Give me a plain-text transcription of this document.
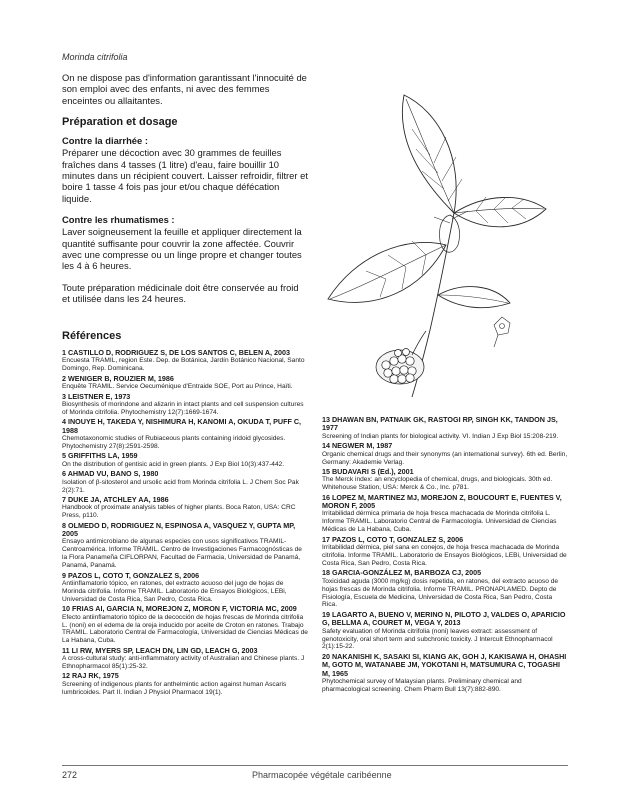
Morinda citrifolia

On ne dispose pas d'information garantissant l'innocuité de son emploi avec des enfants, ni avec des femmes enceintes ou allaitantes.

Préparation et dosage
Contre la diarrhée :

Préparer une décoction avec 30 grammes de feuilles fraîches dans 4 tasses (1 litre) d'eau, faire bouillir 10 minutes dans un récipient couvert. Laisser refroidir, filtrer et boire 1 tasse 4 fois pas jour et/ou chaque défécation liquide.

Contre les rhumatismes :

Laver soigneusement la feuille et appliquer directement la quantité suffisante pour couvrir la zone affectée. Couvrir avec une compresse ou un linge propre et changer toutes les 4 à 6 heures.

Toute préparation médicinale doit être conservée au froid et utilisée dans les 24 heures.

Références
1 CASTILLO D, RODRIGUEZ S, DE LOS SANTOS C, BELEN A, 2003
Encuesta TRAMIL, region Este. Dep. de Botánica, Jardín Botánico Nacional, Santo Domingo, Rep. Dominicana.
2 WENIGER B, ROUZIER M, 1986
Enquête TRAMIL. Service Oecuménique d'Entraide SOE, Port au Prince, Haïti.
3 LEISTNER E, 1973
Biosynthesis of morindone and alizarin in intact plants and cell suspension cultures of Morinda citrifolia. Phytochemistry 12(7):1669-1674.
4 INOUYE H, TAKEDA Y, NISHIMURA H, KANOMI A, OKUDA T, PUFF C, 1988
Chemotaxonomic studies of Rubiaceous plants containing iridoid glycosides. Phytochemistry 27(8):2591-2598.
5 GRIFFITHS LA, 1959
On the distribution of gentisic acid in green plants. J Exp Biol 10(3):437-442.
6 AHMAD VU, BANO S, 1980
Isolation of β-sitosterol and ursolic acid from Morinda citrifolia L. J Chem Soc Pak 2(2):71.
7 DUKE JA, ATCHLEY AA, 1986
Handbook of proximate analysis tables of higher plants. Boca Raton, USA: CRC Press, p110.
8 OLMEDO D, RODRIGUEZ N, ESPINOSA A, VASQUEZ Y, GUPTA MP, 2005
Ensayo antimicrobiano de algunas especies con usos significativos TRAMIL-Centroamérica. Informe TRAMIL. Centro de Investigaciones Farmacognósticas de la Flora Panameña CIFLORPAN, Facultad de Farmacia, Universidad de Panamá, Panamá, Panamá.
9 PAZOS L, COTO T, GONZALEZ S, 2006
Antiinflamatorio tópico, en ratones, del extracto acuoso del jugo de hojas de Morinda citrifolia. Informe TRAMIL. Laboratorio de Ensayos Biológicos, LEBi, Universidad de Costa Rica, San Pedro, Costa Rica.
10 FRIAS AI, GARCIA N, MOREJON Z, MORON F, VICTORIA MC, 2009
Efecto antiinflamatorio tópico de la decocción de hojas frescas de Morinda citrifolia L. (noni) en el edema de la oreja inducido por aceite de Croton en ratones. Trabajo TRAMIL. Laboratorio Central de Farmacología, Universidad de Ciencias Médicas de La Habana, Cuba.
11 LI RW, MYERS SP, LEACH DN, LIN GD, LEACH G, 2003
A cross-cultural study: anti-inflammatory activity of Australian and Chinese plants. J Ethnopharmacol 85(1):25-32.
12 RAJ RK, 1975
Screening of indigenous plants for anthelmintic action against human Ascaris lumbricoides. Part II. Indian J Physiol Pharmacol 19(1).
13 DHAWAN BN, PATNAIK GK, RASTOGI RP, SINGH KK, TANDON JS, 1977
Screening of Indian plants for biological activity. VI. Indian J Exp Biol 15:208-219.
14 NEGWER M, 1987
Organic chemical drugs and their synonyms (an international survey). 6th ed. Berlin, Germany: Akademie Verlag.
15 BUDAVARI S (Ed.), 2001
The Merck index: an encyclopedia of chemical, drugs, and biologicals. 30th ed. Whitehouse Station, USA: Merck & Co., Inc. p781.
16 LOPEZ M, MARTINEZ MJ, MOREJON Z, BOUCOURT E, FUENTES V, MORON F, 2005
Irritabilidad dérmica primaria de hoja fresca machacada de Morinda citrifolia L. Informe TRAMIL. Laboratorio Central de Farmacología. Universidad de Ciencias Médicas de La Habana, Cuba.
17 PAZOS L, COTO T, GONZALEZ S, 2006
Irritabilidad dérmica, piel sana en conejos, de hoja fresca machacada de Morinda citrifolia. Informe TRAMIL. Laboratorio de Ensayos Biológicos, LEBi, Universidad de Costa Rica, San Pedro, Costa Rica.
18 GARCIA-GONZÁLEZ M, BARBOZA CJ, 2005
Toxicidad aguda (3000 mg/kg) dosis repetida, en ratones, del extracto acuoso de hojas frescas de Morinda citrifolia. Informe TRAMIL. PRONAPLAMED. Depto de Fisiología, Escuela de Medicina, Universidad de Costa Rica, San Pedro, Costa Rica.
19 LAGARTO A, BUENO V, MERINO N, PILOTO J, VALDES O, APARICIO G, BELLMA A, COURET M, VEGA Y, 2013
Safety evaluation of Morinda citrifolia (noni) leaves extract: assessment of genotoxicity, oral short term and subchronic toxicity. J Intercult Ethnopharmacol 2(1):15-22.
20 NAKANISHI K, SASAKI SI, KIANG AK, GOH J, KAKISAWA H, OHASHI M, GOTO M, WATANABE JM, YOKOTANI H, MATSUMURA C, TOGASHI M, 1965
Phytochemical survey of Malaysian plants. Preliminary chemical and pharmacological screening. Chem Pharm Bull 13(7):882-890.
272	Pharmacopée végétale caribéenne
